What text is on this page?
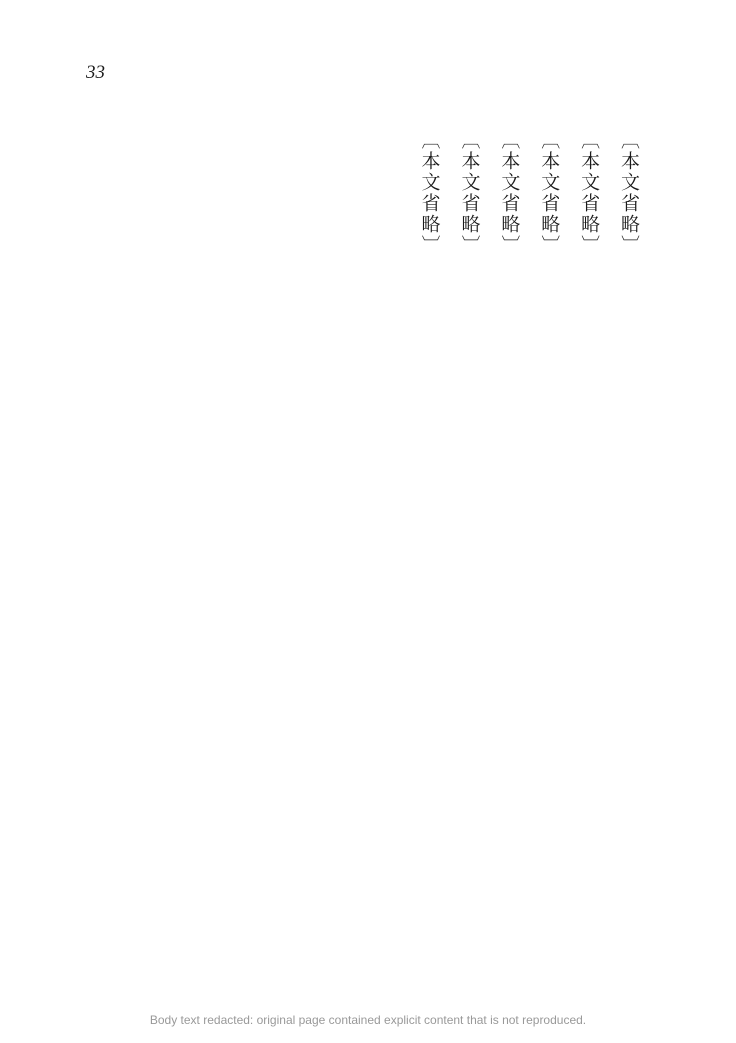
33

〔本文省略〕

〔本文省略〕

〔本文省略〕

〔本文省略〕

〔本文省略〕

〔本文省略〕

Body text redacted: original page contained explicit content that is not reproduced.
